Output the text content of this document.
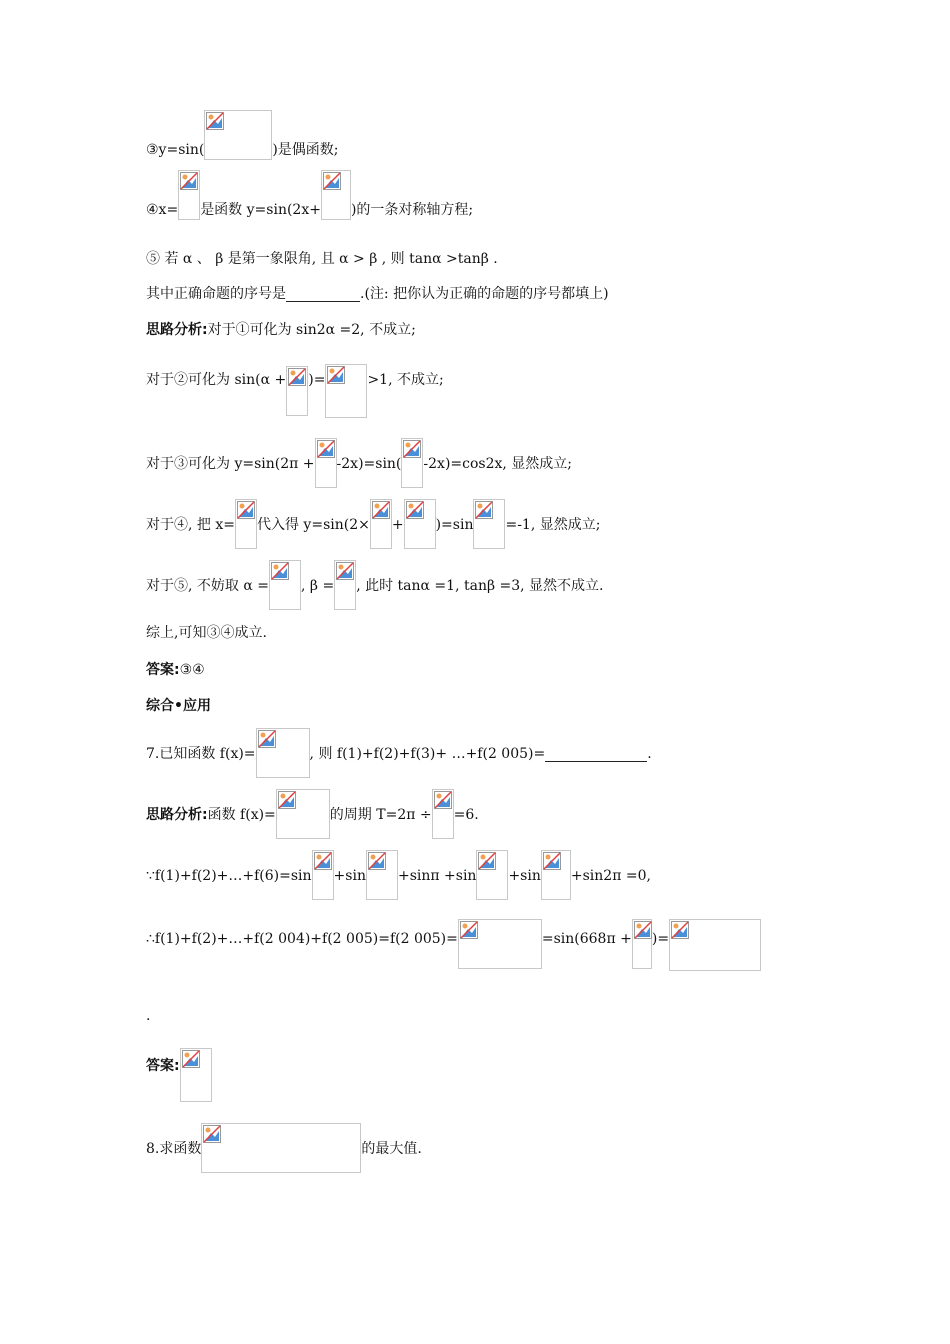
③y=sin(	)是偶函数;
④x= 是函数 y=sin(2x+ )的一条对称轴方程;
⑤ 若 α 、 β 是第一象限角, 且 α > β , 则 tanα >tanβ .
其中正确命题的序号是	.(注: 把你认为正确的命题的序号都填上)
思路分析: 对于①可化为 sin2α =2, 不成立;
对于②可化为 sin(α + )=	>1, 不成立;
对于③可化为 y=sin(2π + -2x)=sin( -2x)=cos2x, 显然成立;
对于④, 把 x= 代入得 y=sin(2× + )=sin =-1, 显然成立;
对于⑤, 不妨取 α = , β = , 此时 tanα =1, tanβ =3, 显然不成立.
综上,可知③④成立.
答案: ③④
综合•应用
7.已知函数 f(x)=	, 则 f(1)+f(2)+f(3)+ …+f(2 005)=	.
思路分析: 函数 f(x)=	的周期 T=2π ÷ =6.
∵f(1)+f(2)+…+f(6)=sin +sin +sinπ +sin +sin +sin2π =0,
∴f(1)+f(2)+…+f(2 004)+f(2 005)=f(2 005)=	=sin(668π + )=
.
答案:
8.求函数	的最大值.
